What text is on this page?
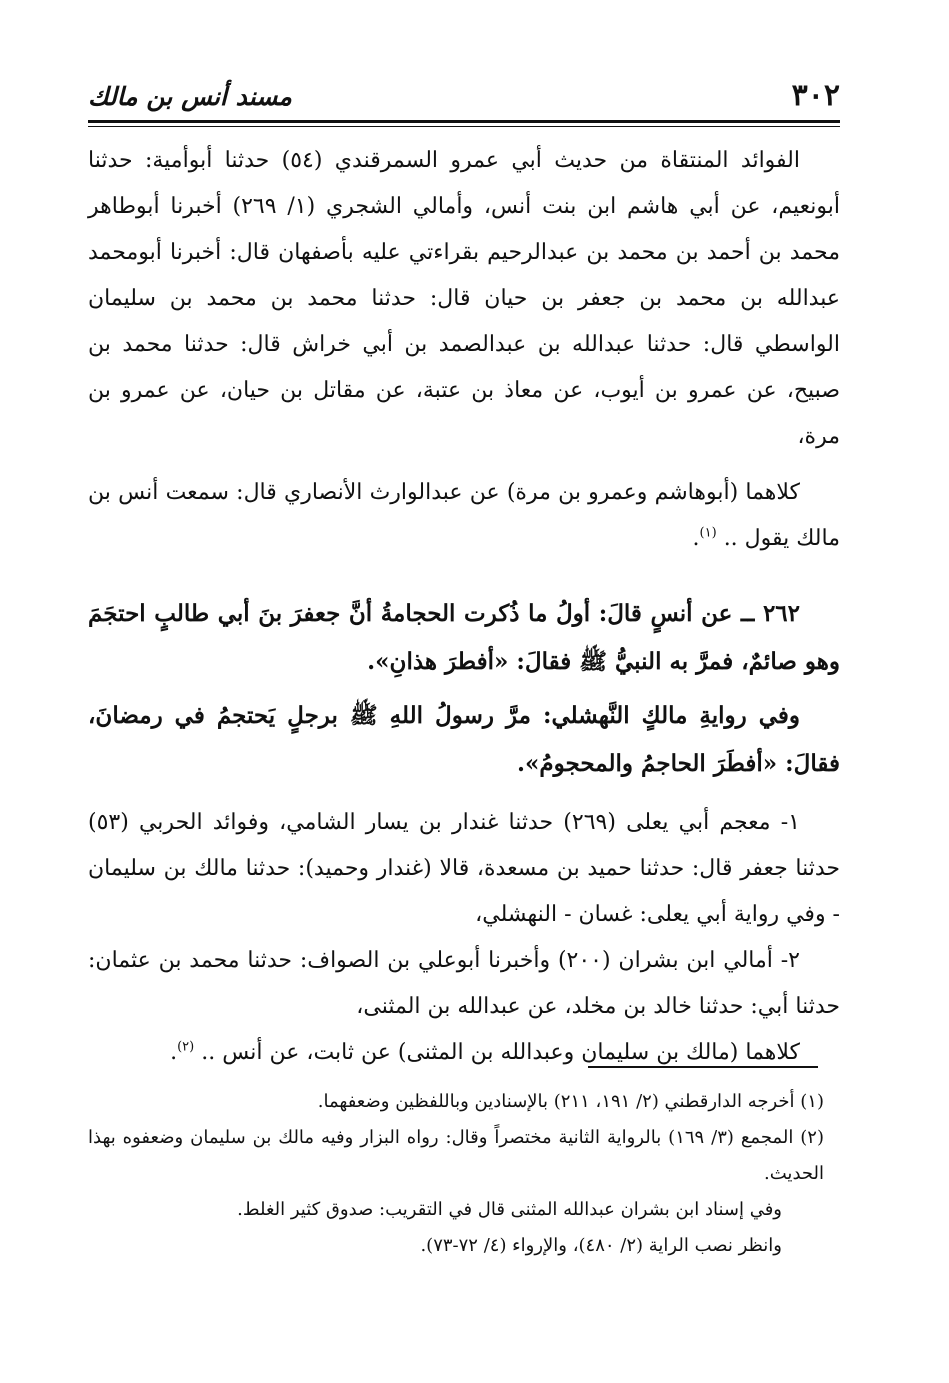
٣٠٢
مسند أنس بن مالك

الفوائد المنتقاة من حديث أبي عمرو السمرقندي (٥٤) حدثنا أبوأمية: حدثنا أبونعيم، عن أبي هاشم ابن بنت أنس، وأمالي الشجري (١/ ٢٦٩) أخبرنا أبوطاهر محمد بن أحمد بن محمد بن عبدالرحيم بقراءتي عليه بأصفهان قال: أخبرنا أبومحمد عبدالله بن محمد بن جعفر بن حيان قال: حدثنا محمد بن محمد بن سليمان الواسطي قال: حدثنا عبدالله بن عبدالصمد بن أبي خراش قال: حدثنا محمد بن صبيح، عن عمرو بن أيوب، عن معاذ بن عتبة، عن مقاتل بن حيان، عن عمرو بن مرة،

كلاهما (أبوهاشم وعمرو بن مرة) عن عبدالوارث الأنصاري قال: سمعت أنس بن مالك يقول .. $^{(١)}$.

٢٦٢ ــ عن أنسٍ قالَ: أولُ ما ذُكرت الحجامةُ أنَّ جعفرَ بنَ أبي طالبٍ احتجَمَ وهو صائمٌ، فمرَّ به النبيُّ ﷺ فقالَ: «أفطرَ هذانِ».

وفي روايةِ مالكٍ النَّهشلي: مرَّ رسولُ اللهِ ﷺ برجلٍ يَحتجمُ في رمضانَ، فقالَ: «أفطَرَ الحاجمُ والمحجومُ».

١- معجم أبي يعلى (٢٦٩) حدثنا غندار بن يسار الشامي، وفوائد الحربي (٥٣) حدثنا جعفر قال: حدثنا حميد بن مسعدة، قالا (غندار وحميد): حدثنا مالك بن سليمان - وفي رواية أبي يعلى: غسان - النهشلي،

٢- أمالي ابن بشران (٢٠٠) وأخبرنا أبوعلي بن الصواف: حدثنا محمد بن عثمان: حدثنا أبي: حدثنا خالد بن مخلد، عن عبدالله بن المثنى،

كلاهما (مالك بن سليمان وعبدالله بن المثنى) عن ثابت، عن أنس .. $^{(٢)}$.

(١) أخرجه الدارقطني (٢/ ١٩١، ٢١١) بالإسنادين وباللفظين وضعفهما.

(٢) المجمع (٣/ ١٦٩) بالرواية الثانية مختصراً وقال: رواه البزار وفيه مالك بن سليمان وضعفوه بهذا الحديث.

وفي إسناد ابن بشران عبدالله المثنى قال في التقريب: صدوق كثير الغلط.

وانظر نصب الراية (٢/ ٤٨٠)، والإرواء (٤/ ٧٢-٧٣).
